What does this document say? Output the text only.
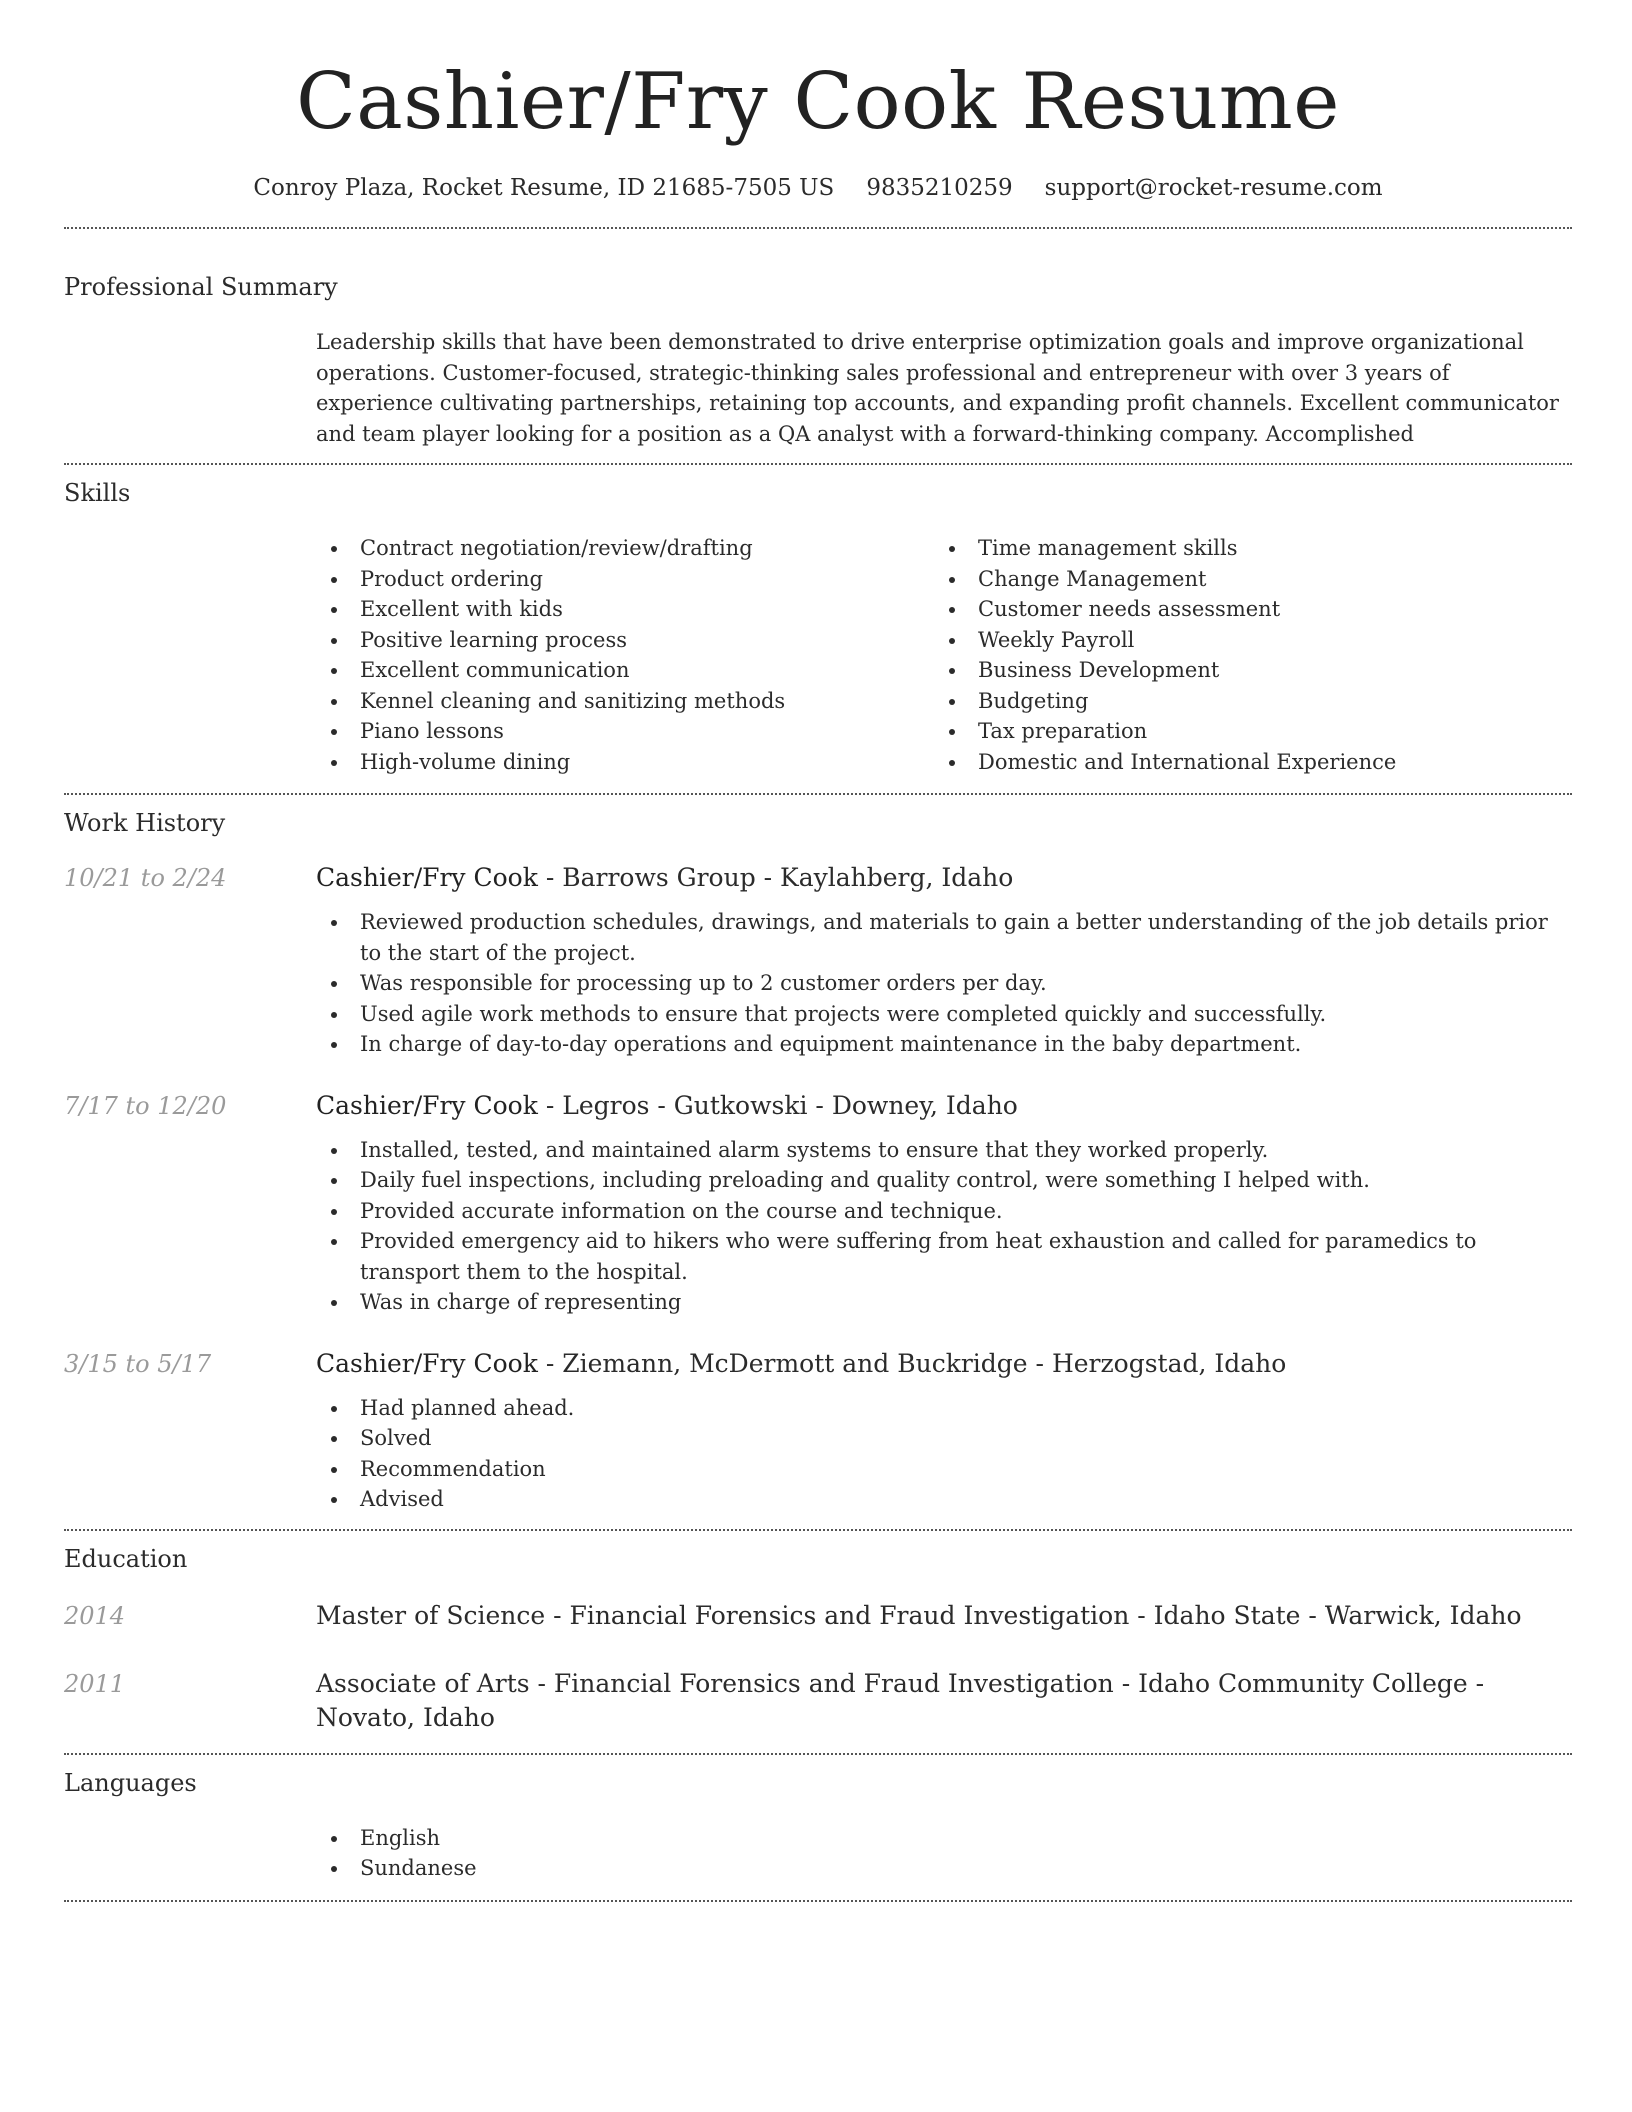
Cashier/Fry Cook Resume
Conroy Plaza, Rocket Resume, ID 21685-7505 US 9835210259 support@rocket-resume.com
Professional Summary

Leadership skills that have been demonstrated to drive enterprise optimization goals and improve organizational operations. Customer-focused, strategic-thinking sales professional and entrepreneur with over 3 years of experience cultivating partnerships, retaining top accounts, and expanding profit channels. Excellent communicator and team player looking for a position as a QA analyst with a forward-thinking company. Accomplished

Skills
Contract negotiation/review/drafting
Product ordering
Excellent with kids
Positive learning process
Excellent communication
Kennel cleaning and sanitizing methods
Piano lessons
High-volume dining
Time management skills
Change Management
Customer needs assessment
Weekly Payroll
Business Development
Budgeting
Tax preparation
Domestic and International Experience
Work History
10/21 to 2/24	Cashier/Fry Cook - Barrows Group - Kaylahberg, Idaho
Reviewed production schedules, drawings, and materials to gain a better understanding of the job details prior to the start of the project.
Was responsible for processing up to 2 customer orders per day.
Used agile work methods to ensure that projects were completed quickly and successfully.
In charge of day-to-day operations and equipment maintenance in the baby department.
7/17 to 12/20	Cashier/Fry Cook - Legros - Gutkowski - Downey, Idaho
Installed, tested, and maintained alarm systems to ensure that they worked properly.
Daily fuel inspections, including preloading and quality control, were something I helped with.
Provided accurate information on the course and technique.
Provided emergency aid to hikers who were suffering from heat exhaustion and called for paramedics to transport them to the hospital.
Was in charge of representing
3/15 to 5/17	Cashier/Fry Cook - Ziemann, McDermott and Buckridge - Herzogstad, Idaho
Had planned ahead.
Solved
Recommendation
Advised
Education
2014	Master of Science - Financial Forensics and Fraud Investigation - Idaho State - Warwick, Idaho
2011	Associate of Arts - Financial Forensics and Fraud Investigation - Idaho Community College - Novato, Idaho
Languages
English
Sundanese
